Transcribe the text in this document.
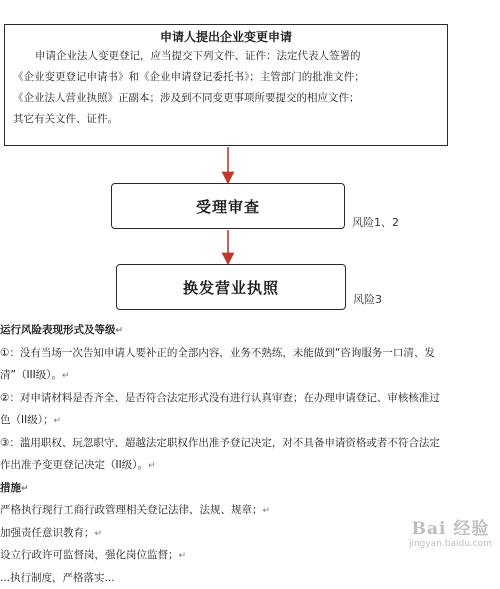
申请人提出企业变更申请
申请企业法人变更登记，应当提交下列文件、证件：法定代表人签署的
《企业变更登记申请书》和《企业申请登记委托书》；主管部门的批准文件；
《企业法人营业执照》正副本；涉及到不同变更事项所要提交的相应文件；
其它有关文件、证件。
受理审查
风险1、2
换发营业执照
风险3
运行风险表现形式及等级↵
①：没有当场一次告知申请人要补正的全部内容，业务不熟练，未能做到“咨询服务一口清、发
清”（III级）。↵
②：对申请材料是否齐全、是否符合法定形式没有进行认真审查；在办理申请登记、审核核准过
色（II级）；↵
③：滥用职权、玩忽职守、超越法定职权作出准予登记决定，对不具备申请资格或者不符合法定
作出准予变更登记决定（II级）。↵
措施↵
严格执行现行工商行政管理相关登记法律、法规、规章；↵
加强责任意识教育；↵
设立行政许可监督岗，强化岗位监督；↵
...执行制度，严格落实...
Bai 经验
jingyan.baidu.com
